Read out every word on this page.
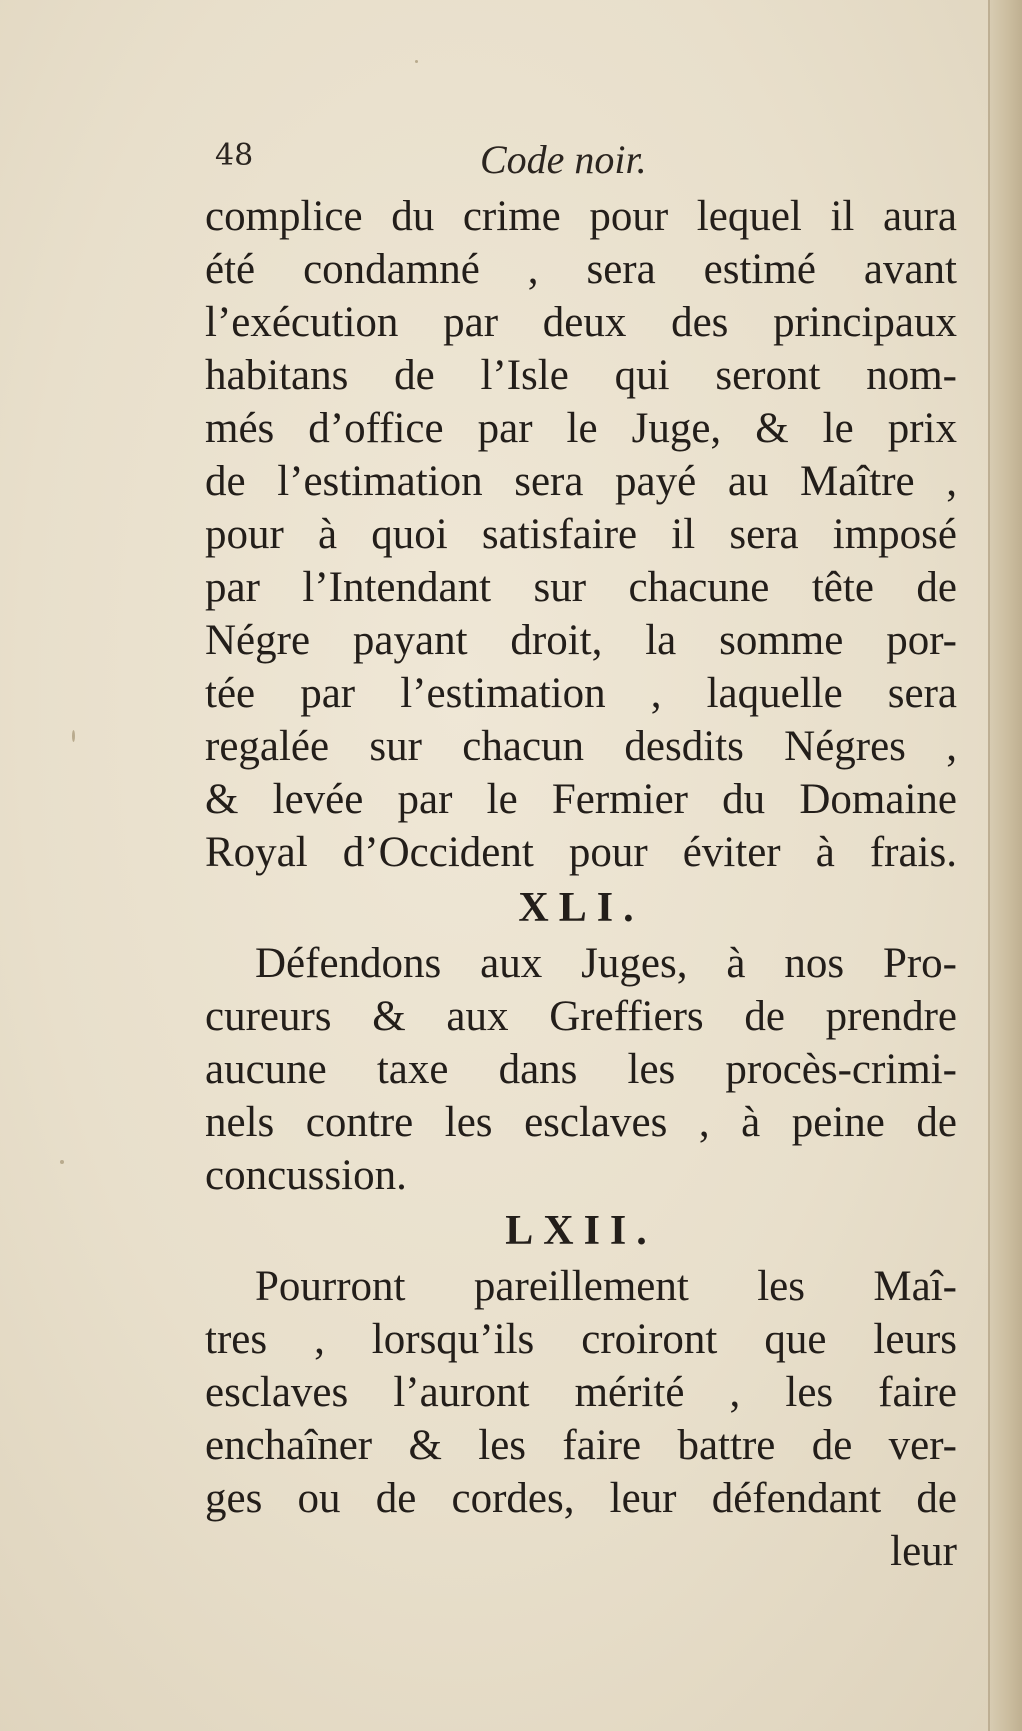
48	Code noir.
complice du crime pour lequel il aura
été condamné , sera estimé avant
l’exécution par deux des principaux
habitans de l’Isle qui seront nom-
més d’office par le Juge, & le prix
de l’estimation sera payé au Maître ,
pour à quoi satisfaire il sera imposé
par l’Intendant sur chacune tête de
Négre payant droit, la somme por-
tée par l’estimation , laquelle sera
regalée sur chacun desdits Négres ,
& levée par le Fermier du Domaine
Royal d’Occident pour éviter à frais.
XLI.
Défendons aux Juges, à nos Pro-
cureurs & aux Greffiers de prendre
aucune taxe dans les procès-crimi-
nels contre les esclaves , à peine de
concussion.
LXII.
Pourront pareillement les Maî-
tres , lorsqu’ils croiront que leurs
esclaves l’auront mérité , les faire
enchaîner & les faire battre de ver-
ges ou de cordes, leur défendant de
leur
